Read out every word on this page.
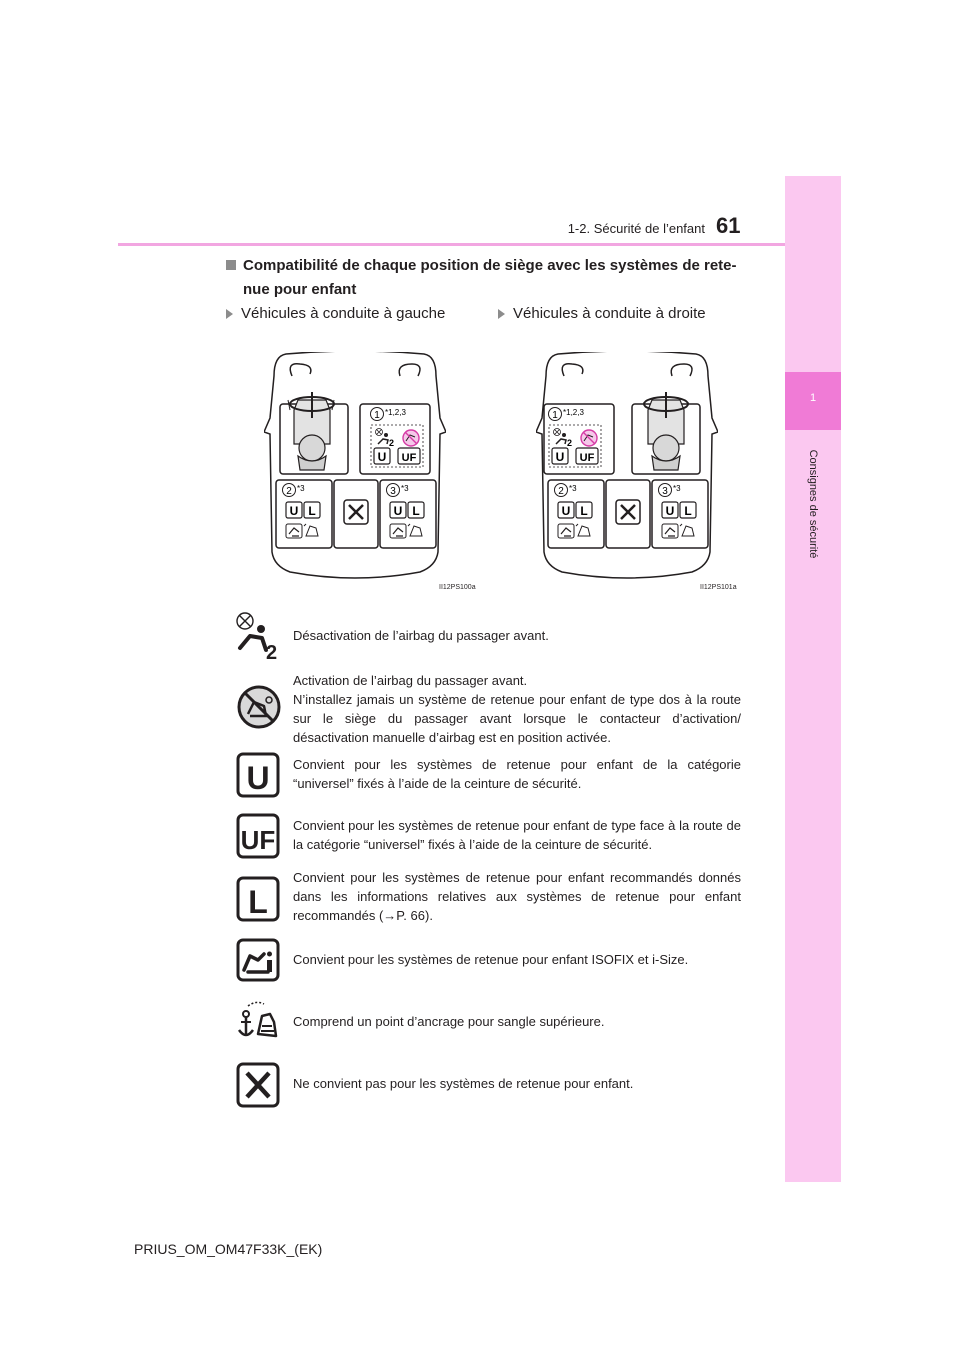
1-2. Sécurité de l’enfant 61
1
Consignes de sécurité
Compatibilité de chaque position de siège avec les systèmes de rete-nue pour enfant
Véhicules à conduite à gauche	Véhicules à conduite à droite
1 *1,2,3
2
U UF
2 *3
U L
3 *3
U L
1 *1,2,3
2
U UF
2 *3
U L
3 *3
U L
II12PS100a	II12PS101a
2
Désactivation de l’airbag du passager avant.
Activation de l’airbag du passager avant.
N’installez jamais un système de retenue pour enfant de type dos à la route sur le siège du passager avant lorsque le contacteur d’activation/ désactivation manuelle d’airbag est en position activée.
U Convient pour les systèmes de retenue pour enfant de la catégorie “universel” fixés à l’aide de la ceinture de sécurité.
UF Convient pour les systèmes de retenue pour enfant de type face à la route de la catégorie “universel” fixés à l’aide de la ceinture de sécurité.
L
Convient pour les systèmes de retenue pour enfant recommandés donnés dans les informations relatives aux systèmes de retenue pour enfant recommandés (→P. 66).
Convient pour les systèmes de retenue pour enfant ISOFIX et i-Size.
Comprend un point d’ancrage pour sangle supérieure.
Ne convient pas pour les systèmes de retenue pour enfant.
PRIUS_OM_OM47F33K_(EK)
